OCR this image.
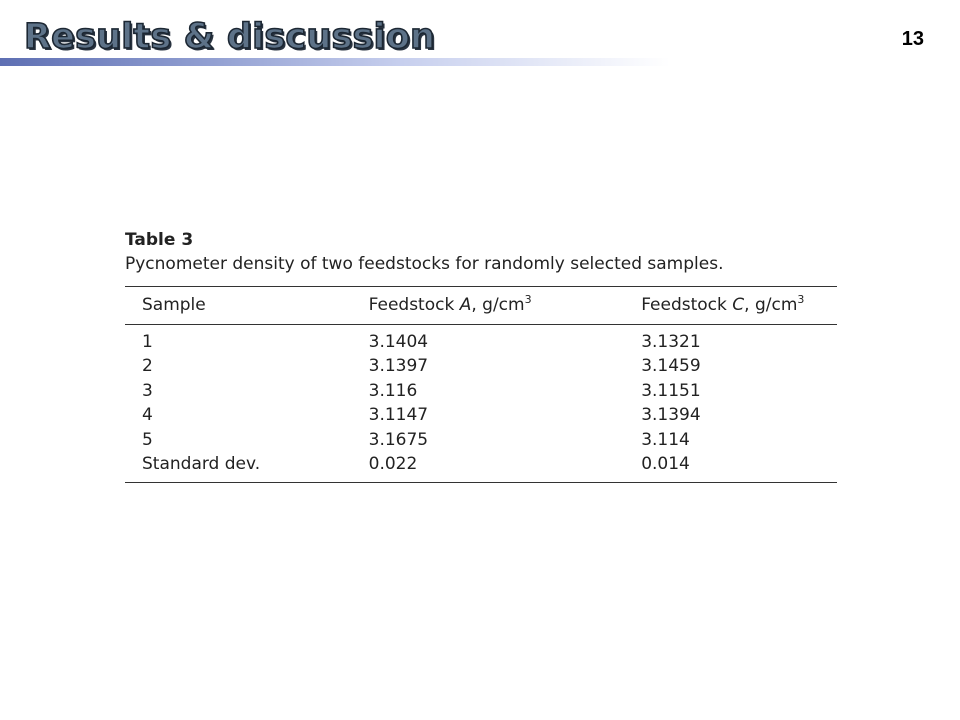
Results & discussion	13

Table 3

Pycnometer density of two feedstocks for randomly selected samples.

Sample	Feedstock A, $g/cm^3$	Feedstock C, $g/cm^3$
1	3.1404	3.1321
2	3.1397	3.1459
3	3.116	3.1151
4	3.1147	3.1394
5	3.1675	3.114
Standard dev.	0.022	0.014
